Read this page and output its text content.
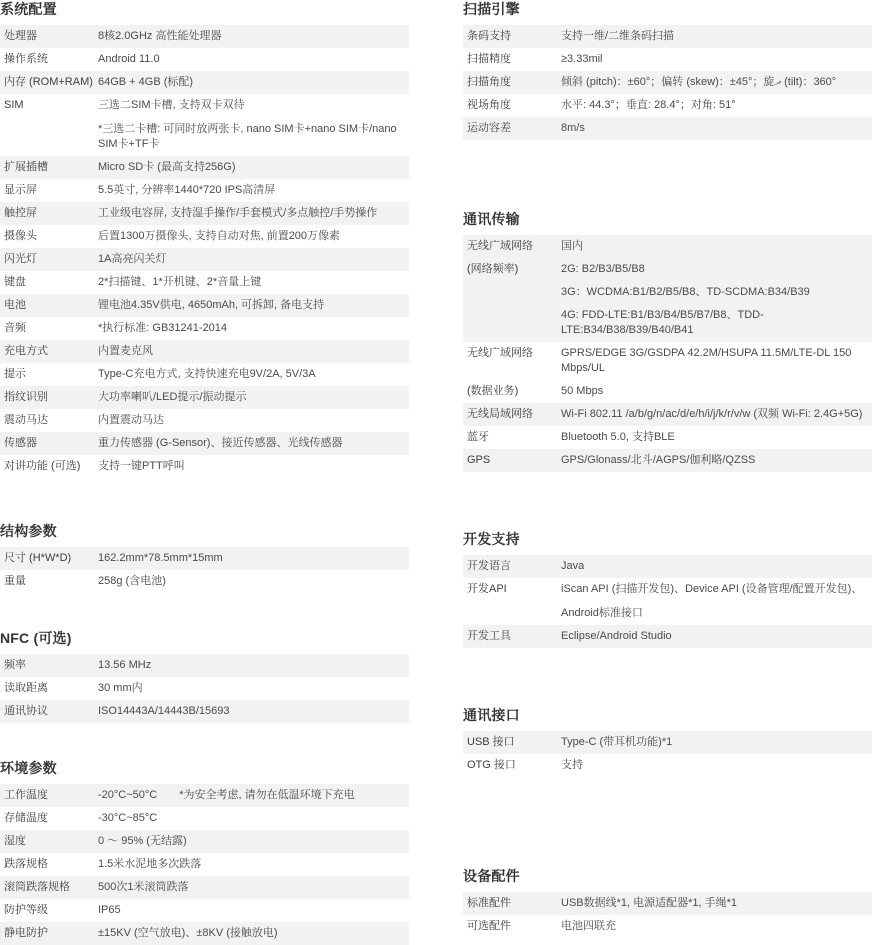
系统配置
处理器	8核2.0GHz 高性能处理器
操作系统	Android 11.0
内存 (ROM+RAM)	64GB + 4GB (标配)
SIM	三选二SIM卡槽, 支持双卡双待
*三选二卡槽: 可同时放两张卡, nano SIM卡+nano SIM卡/nano SIM卡+TF卡

扩展插槽	Micro SD卡 (最高支持256G)
显示屏	5.5英寸, 分辨率1440*720 IPS高清屏
触控屏	工业级电容屏, 支持湿手操作/手套模式/多点触控/手势操作
摄像头	后置1300万摄像头, 支持自动对焦, 前置200万像素
闪光灯	1A高亮闪关灯
键盘	2*扫描键、1*开机键、2*音量上键
电池	锂电池4.35V供电, 4650mAh, 可拆卸, 备电支持
音频	*执行标准: GB31241-2014
充电方式	内置麦克风
提示	Type-C充电方式, 支持快速充电9V/2A, 5V/3A
指纹识别	大功率喇叭/LED提示/振动提示
震动马达	内置震动马达
传感器	重力传感器 (G-Sensor)、接近传感器、光线传感器
对讲功能 (可选)	支持一键PTT呼叫
结构参数
尺寸 (H*W*D)	162.2mm*78.5mm*15mm
重量	258g (含电池)
NFC (可选)
频率	13.56 MHz
读取距离	30 mm内
通讯协议	ISO14443A/14443B/15693
环境参数
工作温度	-20°C~50°C　　*为安全考虑, 请勿在低温环境下充电
存储温度	-30°C~85°C
湿度	0 ～ 95% (无结露)
跌落规格	1.5米水泥地多次跌落
滚筒跌落规格	500次1米滚筒跌落
防护等级	IP65
静电防护	±15KV (空气放电)、±8KV (接触放电)
扫描引擎
条码支持	支持一维/二维条码扫描
扫描精度	≥3.33mil
扫描角度	倾斜 (pitch)：±60°；偏转 (skew)：±45°；旋ދ (tilt)：360°
视场角度	水平: 44.3°；垂直: 28.4°；对角: 51°
运动容差	8m/s
通讯传输
无线广域网络	国内
(网络频率)	2G: B2/B3/B5/B8
	3G：WCDMA:B1/B2/B5/B8、TD-SCDMA:B34/B39
	4G: FDD-LTE:B1/B3/B4/B5/B7/B8、TDD-LTE:B34/B38/B39/B40/B41
无线广域网络	GPRS/EDGE 3G/GSDPA 42.2M/HSUPA 11.5M/LTE-DL 150 Mbps/UL
(数据业务)	50 Mbps
无线局域网络	Wi-Fi 802.11 /a/b/g/n/ac/d/e/h/i/j/k/r/v/w (双频 Wi-Fi: 2.4G+5G)
蓝牙	Bluetooth 5.0, 支持BLE
GPS	GPS/Glonass/北斗/AGPS/伽利略/QZSS
开发支持
开发语言	Java
开发API	iScan API (扫描开发包)、Device API (设备管理/配置开发包)、
Android标准接口

开发工具	Eclipse/Android Studio
通讯接口
USB 接口	Type-C (带耳机功能)*1
OTG 接口	支持
设备配件
标准配件	USB数据线*1, 电源适配器*1, 手绳*1
可选配件	电池四联充
